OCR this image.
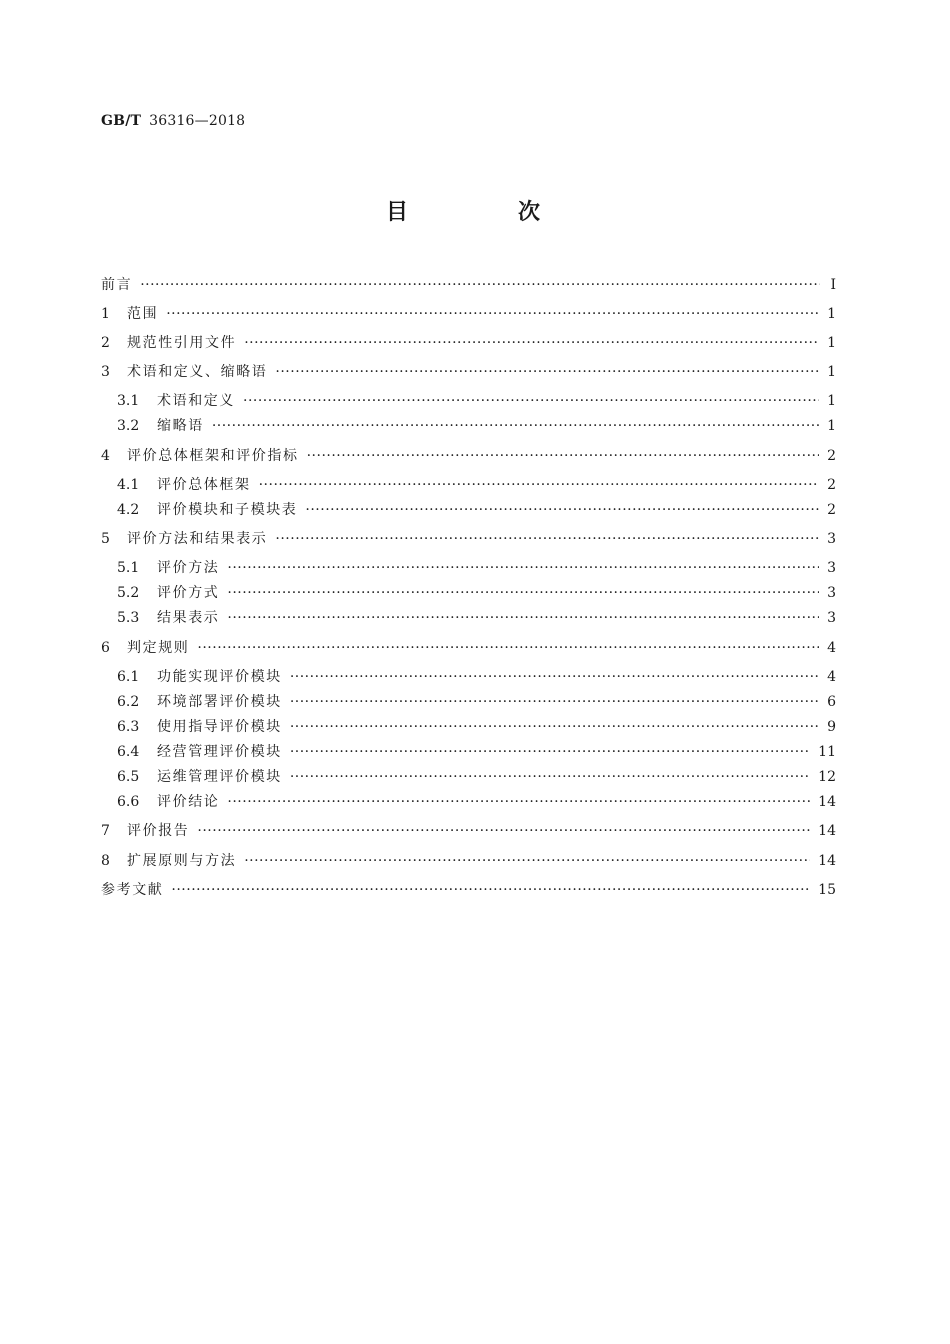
GB/T 36316—2018
目　次
前言 ·····	Ⅰ
1	范围 ·····	1
2	规范性引用文件 ·····	1
3	术语和定义、缩略语 ·····	1
3.1	术语和定义 ·····	1
3.2	缩略语 ·····	1
4	评价总体框架和评价指标 ·····	2
4.1	评价总体框架 ·····	2
4.2	评价模块和子模块表 ·····	2
5	评价方法和结果表示 ·····	3
5.1	评价方法 ·····	3
5.2	评价方式 ·····	3
5.3	结果表示 ·····	3
6	判定规则 ·····	4
6.1	功能实现评价模块 ·····	4
6.2	环境部署评价模块 ·····	6
6.3	使用指导评价模块 ·····	9
6.4	经营管理评价模块 ·····	11
6.5	运维管理评价模块 ·····	12
6.6	评价结论 ·····	14
7	评价报告 ·····	14
8	扩展原则与方法 ·····	14
参考文献 ·····	15
